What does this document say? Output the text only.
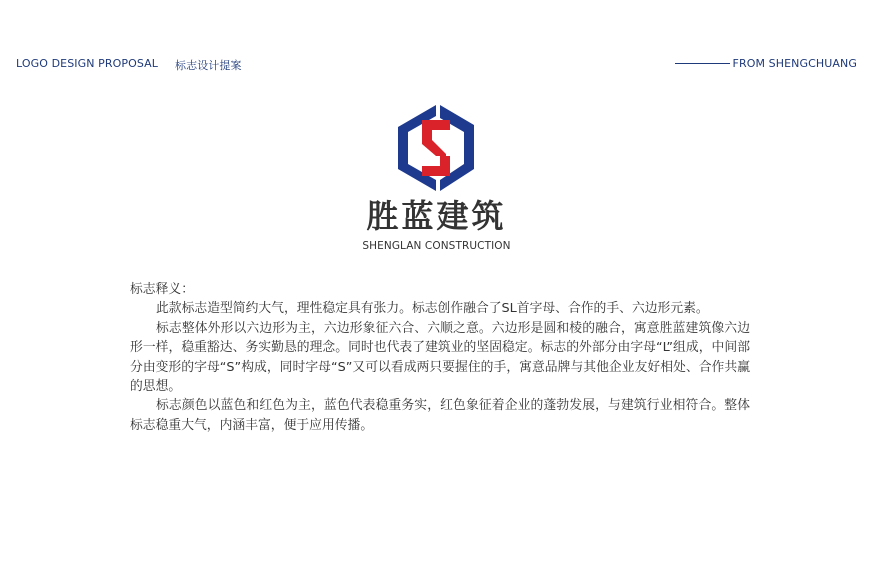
LOGO DESIGN PROPOSAL 标志设计提案	FROM SHENGCHUANG
胜蓝建筑
SHENGLAN CONSTRUCTION

标志释义：

此款标志造型简约大气，理性稳定具有张力。标志创作融合了SL首字母、合作的手、六边形元素。

标志整体外形以六边形为主，六边形象征六合、六顺之意。六边形是圆和棱的融合，寓意胜蓝建筑像六边形一样，稳重豁达、务实勤恳的理念。同时也代表了建筑业的坚固稳定。标志的外部分由字母“L”组成，中间部分由变形的字母“S”构成，同时字母“S”又可以看成两只要握住的手，寓意品牌与其他企业友好相处、合作共赢的思想。

标志颜色以蓝色和红色为主，蓝色代表稳重务实，红色象征着企业的蓬勃发展，与建筑行业相符合。整体标志稳重大气，内涵丰富，便于应用传播。
